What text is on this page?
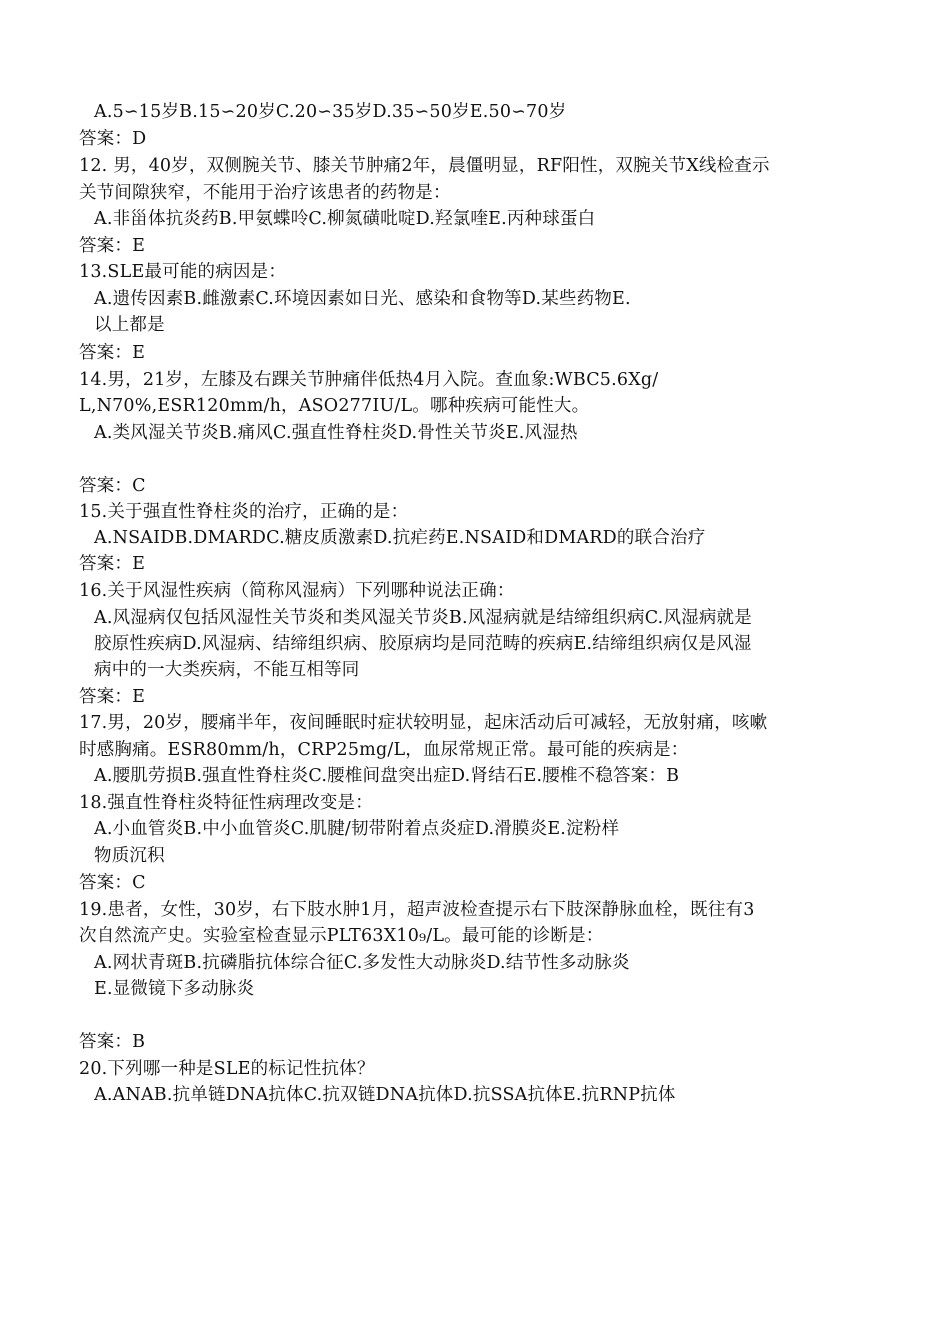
A.5∽15岁B.15∽20岁C.20∽35岁D.35∽50岁E.50∽70岁
答案：D
12. 男，40岁，双侧腕关节、膝关节肿痛2年，晨僵明显，RF阳性，双腕关节X线检查示
关节间隙狭窄，不能用于治疗该患者的药物是：
A.非甾体抗炎药B.甲氨蝶呤C.柳氮磺吡啶D.羟氯喹E.丙种球蛋白
答案：E
13.SLE最可能的病因是：
A.遗传因素B.雌激素C.环境因素如日光、感染和食物等D.某些药物E.
以上都是
答案：E
14.男，21岁，左膝及右踝关节肿痛伴低热4月入院。查血象:WBC5.6Xg/
L,N70%,ESR120mm/h，ASO277IU/L。哪种疾病可能性大。
A.类风湿关节炎B.痛风C.强直性脊柱炎D.骨性关节炎E.风湿热
答案：C
15.关于强直性脊柱炎的治疗，正确的是：
A.NSAIDB.DMARDC.糖皮质激素D.抗疟药E.NSAID和DMARD的联合治疗
答案：E
16.关于风湿性疾病（简称风湿病）下列哪种说法正确：
A.风湿病仅包括风湿性关节炎和类风湿关节炎B.风湿病就是结缔组织病C.风湿病就是
胶原性疾病D.风湿病、结缔组织病、胶原病均是同范畴的疾病E.结缔组织病仅是风湿
病中的一大类疾病，不能互相等同
答案：E
17.男，20岁，腰痛半年，夜间睡眠时症状较明显，起床活动后可减轻，无放射痛，咳嗽
时感胸痛。ESR80mm/h，CRP25mg/L，血尿常规正常。最可能的疾病是：
A.腰肌劳损B.强直性脊柱炎C.腰椎间盘突出症D.肾结石E.腰椎不稳答案：B
18.强直性脊柱炎特征性病理改变是：
A.小血管炎B.中小血管炎C.肌腱/韧带附着点炎症D.滑膜炎E.淀粉样
物质沉积
答案：C
19.患者，女性，30岁，右下肢水肿1月，超声波检查提示右下肢深静脉血栓，既往有3
次自然流产史。实验室检查显示PLT63X10₉/L。最可能的诊断是：
A.网状青斑B.抗磷脂抗体综合征C.多发性大动脉炎D.结节性多动脉炎
E.显微镜下多动脉炎
答案：B
20.下列哪一种是SLE的标记性抗体？
A.ANAB.抗单链DNA抗体C.抗双链DNA抗体D.抗SSA抗体E.抗RNP抗体
